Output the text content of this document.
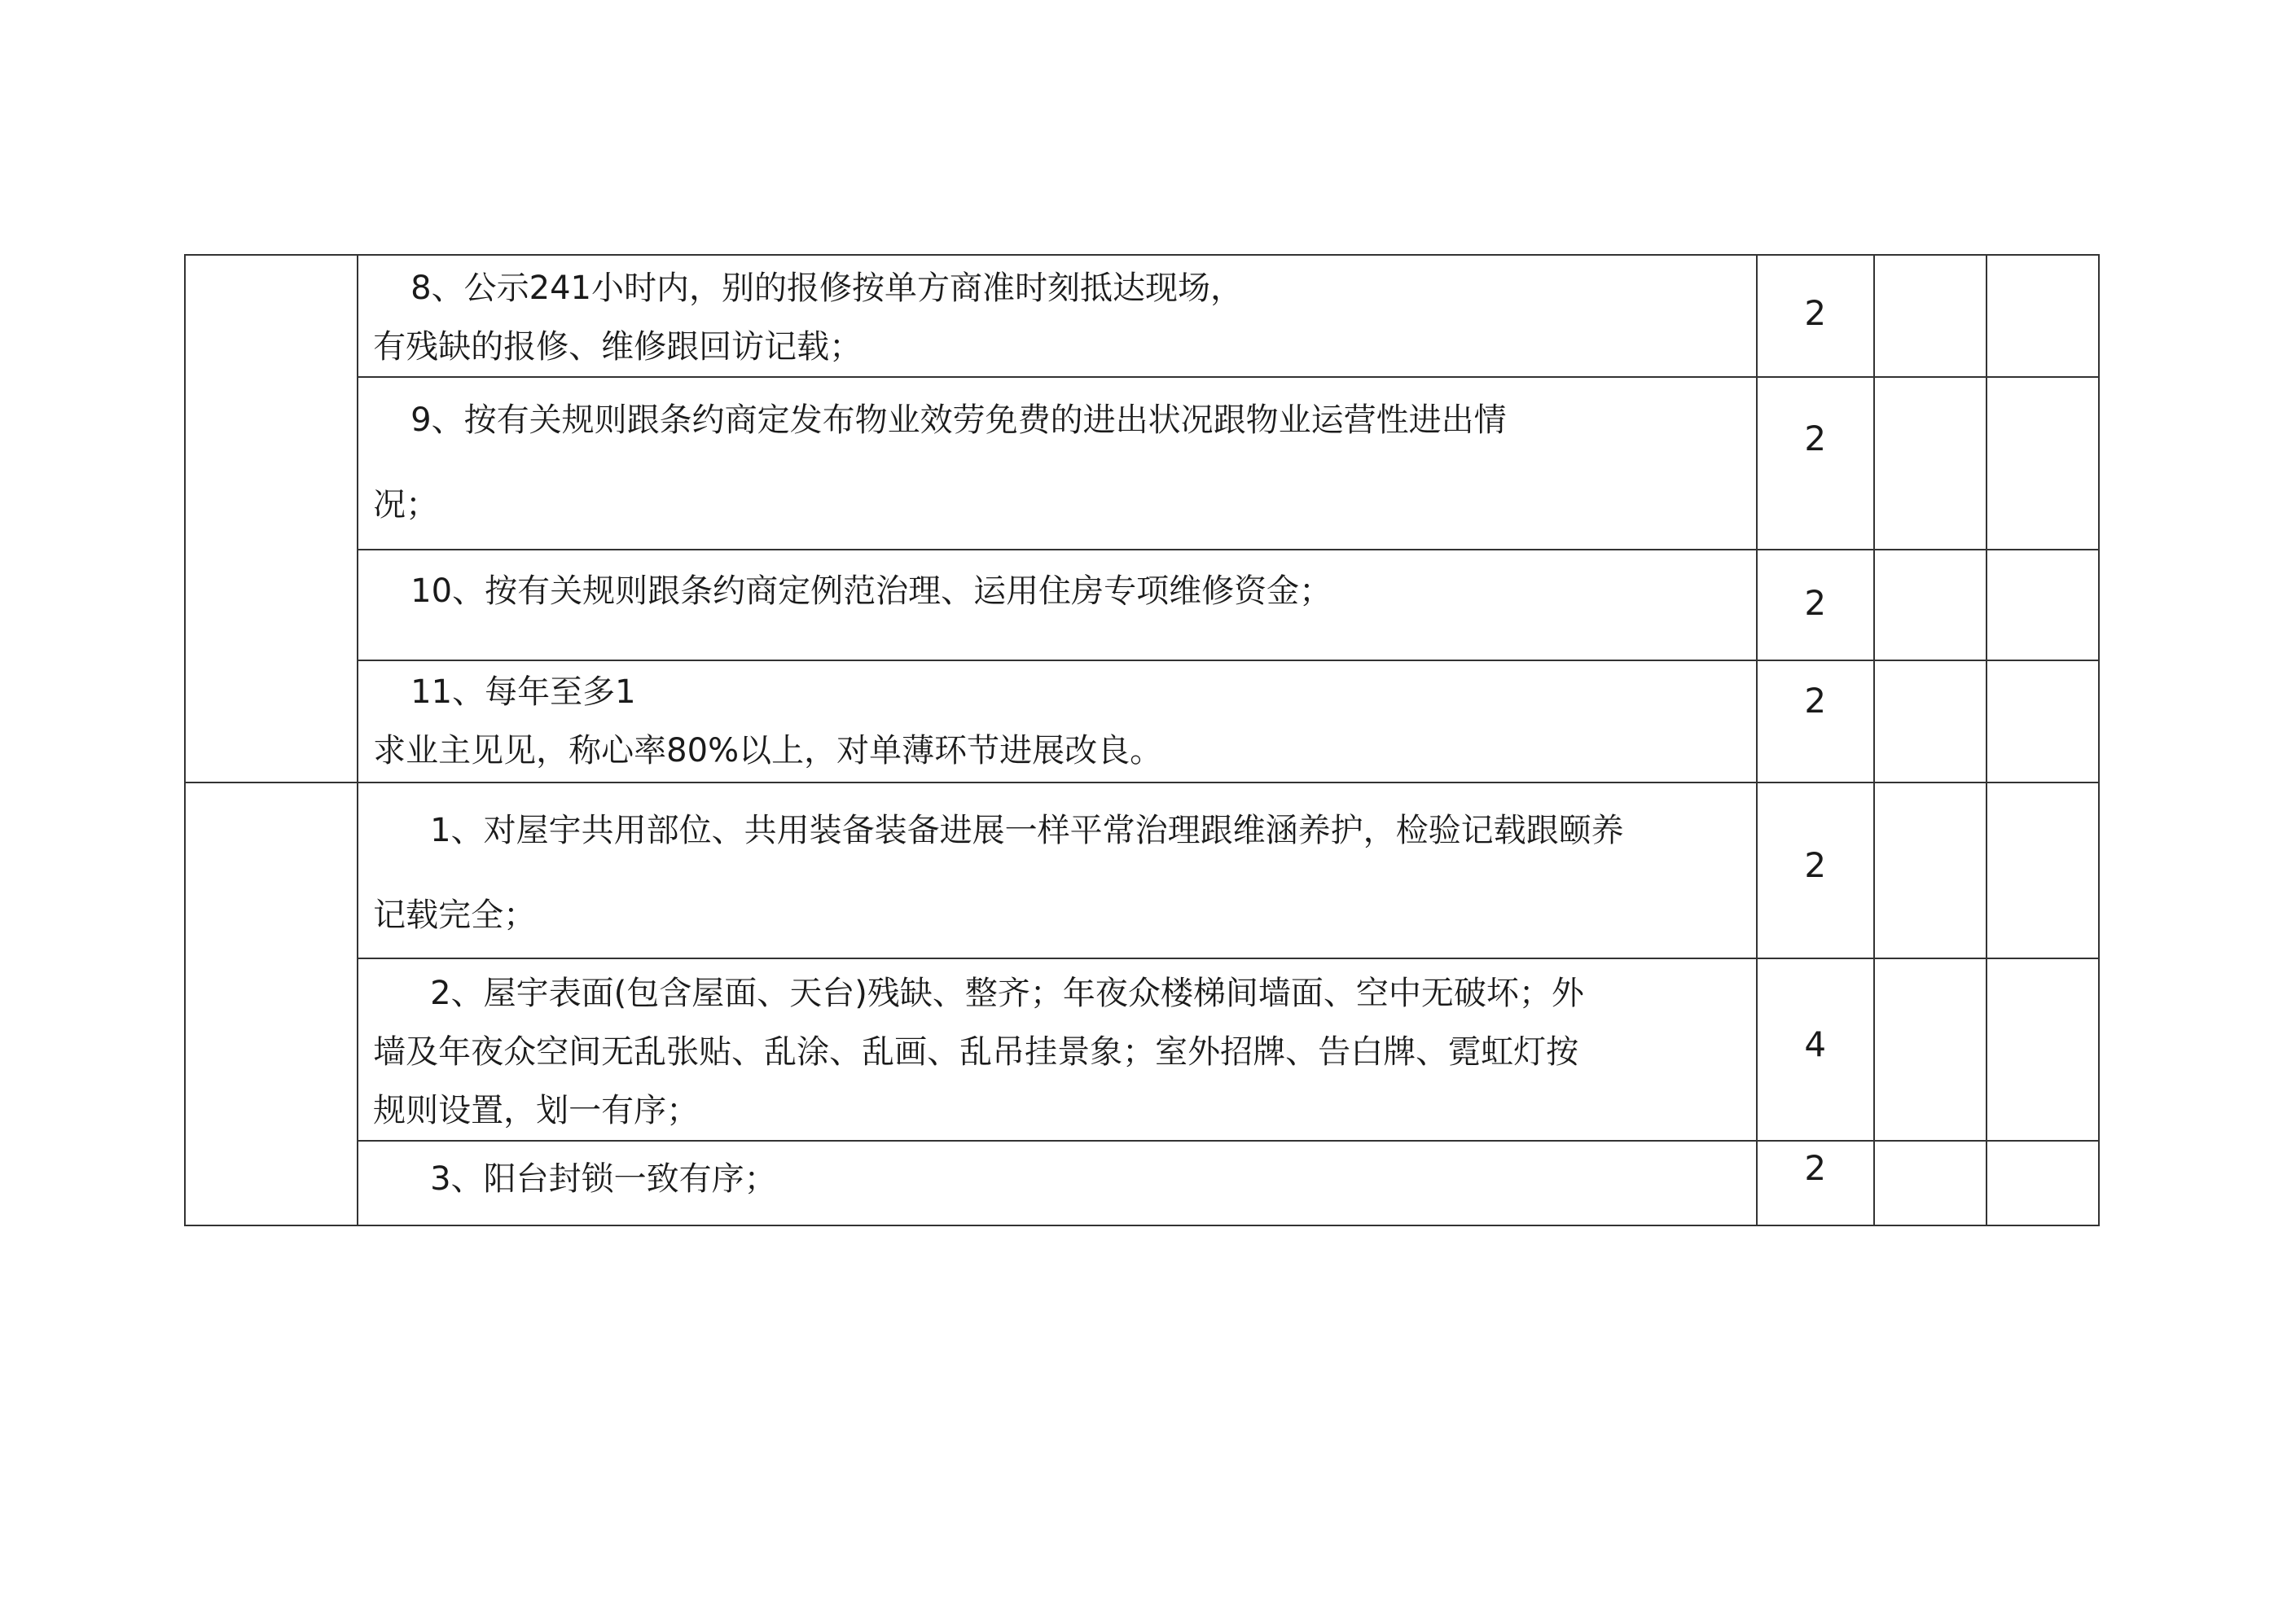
	8、公示241小时内，别的报修按单方商准时刻抵达现场，
有残缺的报修、维修跟回访记载；	2		

	9、按有关规则跟条约商定发布物业效劳免费的进出状况跟物业运营性进出情
况；	2		

	10、按有关规则跟条约商定例范治理、运用住房专项维修资金；	2		

	11、每年至多1
求业主见见，称心率80%以上，对单薄环节进展改良。	2		

	1、对屋宇共用部位、共用装备装备进展一样平常治理跟维涵养护，检验记载跟颐养
记载完全；	2		

	2、屋宇表面(包含屋面、天台)残缺、整齐；年夜众楼梯间墙面、空中无破坏；外
墙及年夜众空间无乱张贴、乱涂、乱画、乱吊挂景象；室外招牌、告白牌、霓虹灯按
规则设置，划一有序；	4		

	3、阳台封锁一致有序；	2		
